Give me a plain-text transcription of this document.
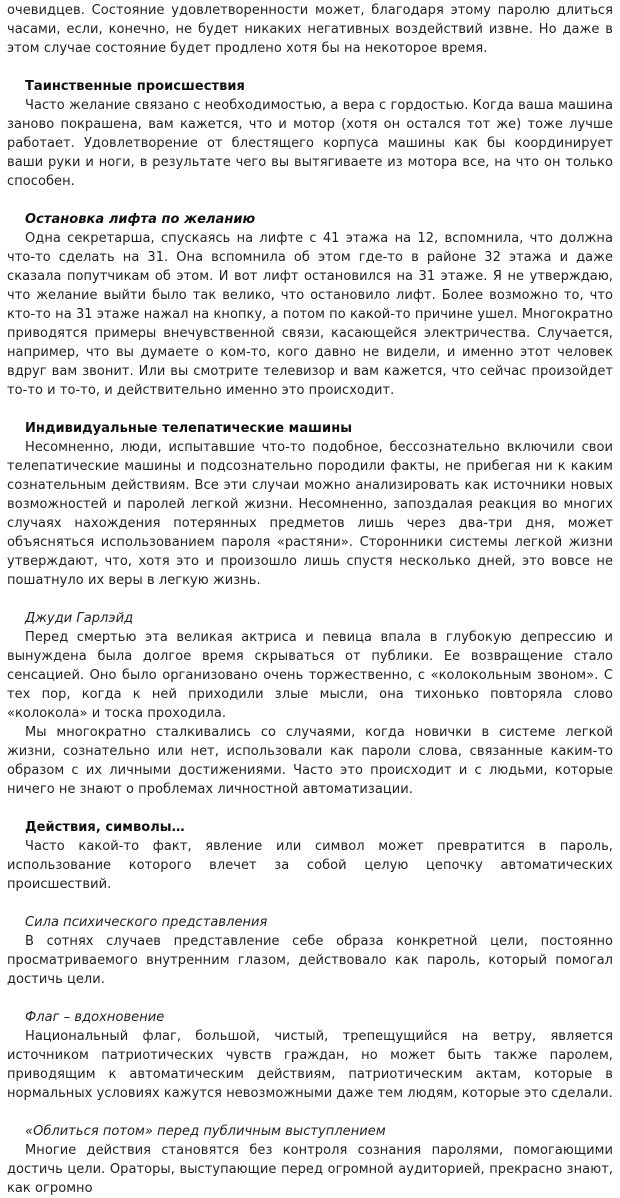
очевидцев. Состояние удовлетворенности может, благодаря этому паролю длиться часами, если, конечно, не будет никаких негативных воздействий извне. Но даже в этом случае состояние будет продлено хотя бы на некоторое время.

Таинственные происшествия

Часто желание связано с необходимостью, а вера с гордостью. Когда ваша машина заново покрашена, вам кажется, что и мотор (хотя он остался тот же) тоже лучше работает. Удовлетворение от блестящего корпуса машины как бы координирует ваши руки и ноги, в результате чего вы вытягиваете из мотора все, на что он только способен.

Остановка лифта по желанию

Одна секретарша, спускаясь на лифте с 41 этажа на 12, вспомнила, что должна что-то сделать на 31. Она вспомнила об этом где-то в районе 32 этажа и даже сказала попутчикам об этом. И вот лифт остановился на 31 этаже. Я не утверждаю, что желание выйти было так велико, что остановило лифт. Более возможно то, что кто-то на 31 этаже нажал на кнопку, а потом по какой-то причине ушел. Многократно приводятся примеры внечувственной связи, касающейся электричества. Случается, например, что вы думаете о ком-то, кого давно не видели, и именно этот человек вдруг вам звонит. Или вы смотрите телевизор и вам кажется, что сейчас произойдет то-то и то-то, и действительно именно это происходит.

Индивидуальные телепатические машины

Несомненно, люди, испытавшие что-то подобное, бессознательно включили свои телепатические машины и подсознательно породили факты, не прибегая ни к каким сознательным действиям. Все эти случаи можно анализировать как источники новых возможностей и паролей легкой жизни. Несомненно, запоздалая реакция во многих случаях нахождения потерянных предметов лишь через два-три дня, может объясняться использованием пароля «растяни». Сторонники системы легкой жизни утверждают, что, хотя это и произошло лишь спустя несколько дней, это вовсе не пошатнуло их веры в легкую жизнь.

Джуди Гарлэйд

Перед смертью эта великая актриса и певица впала в глубокую депрессию и вынуждена была долгое время скрываться от публики. Ее возвращение стало сенсацией. Оно было организовано очень торжественно, с «колокольным звоном». С тех пор, когда к ней приходили злые мысли, она тихонько повторяла слово «колокола» и тоска проходила.

Мы многократно сталкивались со случаями, когда новички в системе легкой жизни, сознательно или нет, использовали как пароли слова, связанные каким-то образом с их личными достижениями. Часто это происходит и с людьми, которые ничего не знают о проблемах личностной автоматизации.

Действия, символы…

Часто какой-то факт, явление или символ может превратится в пароль, использование которого влечет за собой целую цепочку автоматических происшествий.

Сила психического представления

В сотнях случаев представление себе образа конкретной цели, постоянно просматриваемого внутренним глазом, действовало как пароль, который помогал достичь цели.

Флаг – вдохновение

Национальный флаг, большой, чистый, трепещущийся на ветру, является источником патриотических чувств граждан, но может быть также паролем, приводящим к автоматическим действиям, патриотическим актам, которые в нормальных условиях кажутся невозможными даже тем людям, которые это сделали.

«Облиться потом» перед публичным выступлением

Многие действия становятся без контроля сознания паролями, помогающими достичь цели. Ораторы, выступающие перед огромной аудиторией, прекрасно знают, как огромно
